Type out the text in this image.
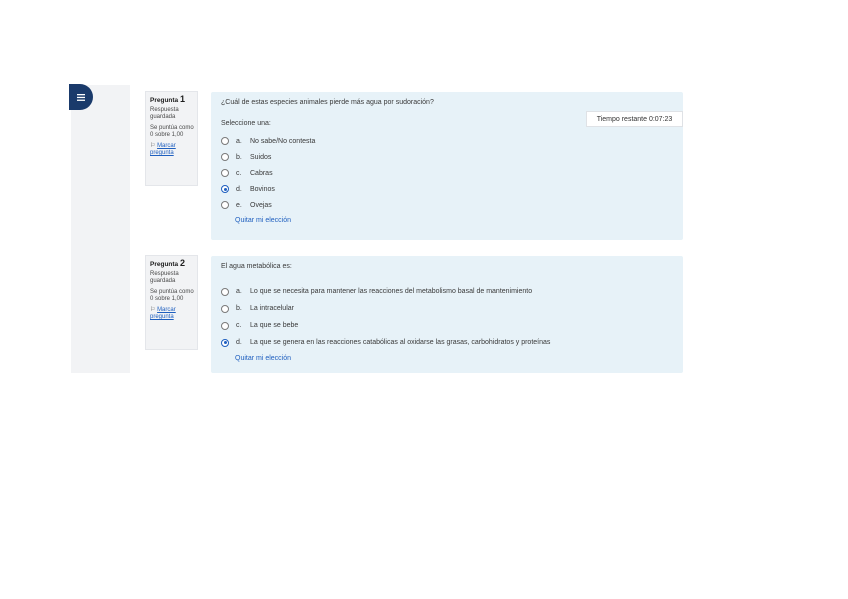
Pregunta 1
Respuesta guardada
Se puntúa como 0 sobre 1,00
⚐ Marcar pregunta
¿Cuál de estas especies animales pierde más agua por sudoración?
Seleccione una:
a.	No sabe/No contesta
b.	Suidos
c.	Cabras
d.	Bovinos
e.	Ovejas
Quitar mi elección
Tiempo restante 0:07:23
Pregunta 2
Respuesta guardada
Se puntúa como 0 sobre 1,00
⚐ Marcar pregunta
El agua metabólica es:
a.	Lo que se necesita para mantener las reacciones del metabolismo basal de mantenimiento
b.	La intracelular
c.	La que se bebe
d.	La que se genera en las reacciones catabólicas al oxidarse las grasas, carbohidratos y proteínas
Quitar mi elección
